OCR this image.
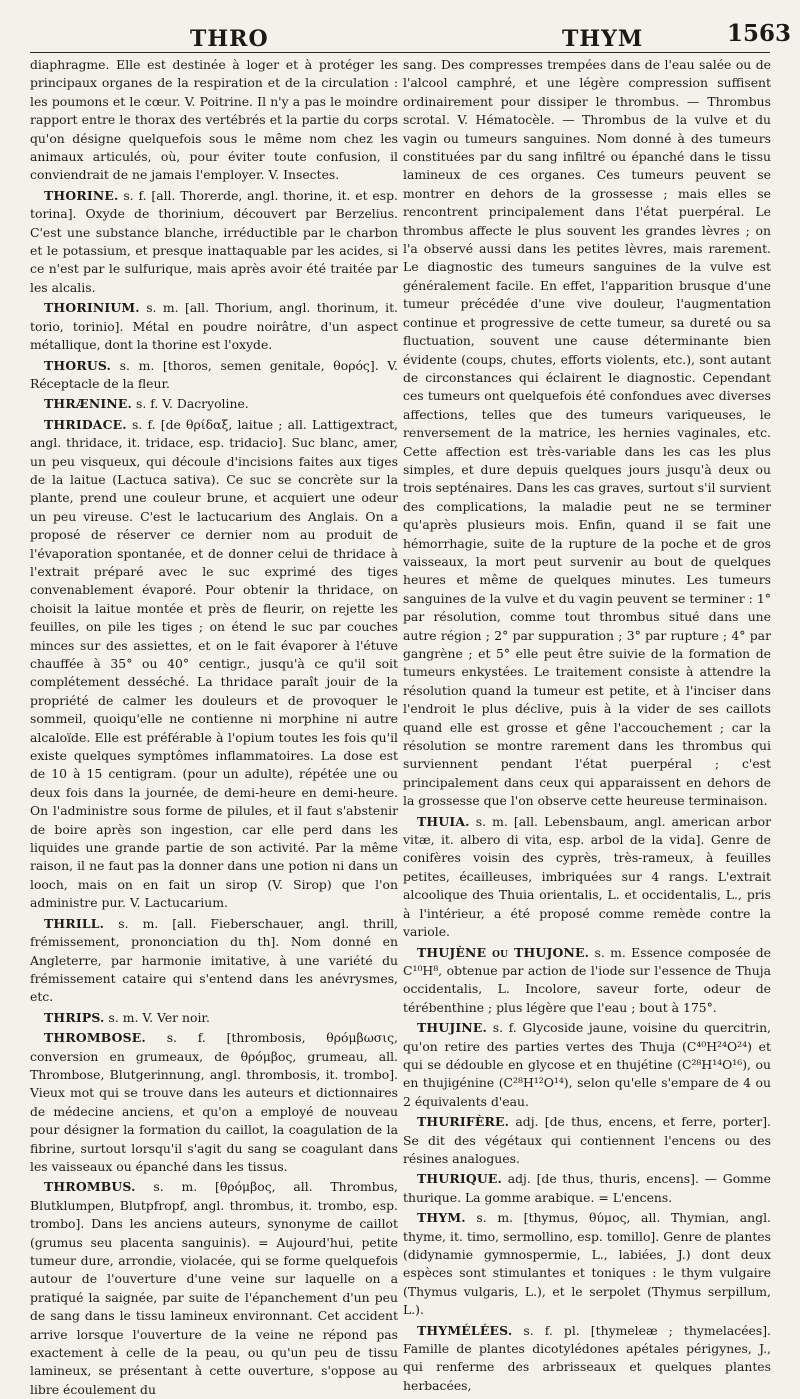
THRO	THYM	1563

diaphragme. Elle est destinée à loger et à protéger les principaux organes de la respiration et de la circulation : les poumons et le cœur. V. Poitrine. Il n'y a pas le moindre rapport entre le thorax des vertébrés et la partie du corps qu'on désigne quelquefois sous le même nom chez les animaux articulés, où, pour éviter toute confusion, il conviendrait de ne jamais l'employer. V. Insectes.

THORINE. s. f. [all. Thorerde, angl. thorine, it. et esp. torina]. Oxyde de thorinium, découvert par Berzelius. C'est une substance blanche, irréductible par le charbon et le potassium, et presque inattaquable par les acides, si ce n'est par le sulfurique, mais après avoir été traitée par les alcalis.

THORINIUM. s. m. [all. Thorium, angl. thorinum, it. torio, torinio]. Métal en poudre noirâtre, d'un aspect métallique, dont la thorine est l'oxyde.

THORUS. s. m. [thoros, semen genitale, θορός]. V. Réceptacle de la fleur.

THRÆNINE. s. f. V. Dacryoline.

THRIDACE. s. f. [de θρίδαξ, laitue ; all. Lattigextract, angl. thridace, it. tridace, esp. tridacio]. Suc blanc, amer, un peu visqueux, qui découle d'incisions faites aux tiges de la laitue (Lactuca sativa). Ce suc se concrète sur la plante, prend une couleur brune, et acquiert une odeur un peu vireuse. C'est le lactucarium des Anglais. On a proposé de réserver ce dernier nom au produit de l'évaporation spontanée, et de donner celui de thridace à l'extrait préparé avec le suc exprimé des tiges convenablement évaporé. Pour obtenir la thridace, on choisit la laitue montée et près de fleurir, on rejette les feuilles, on pile les tiges ; on étend le suc par couches minces sur des assiettes, et on le fait évaporer à l'étuve chauffée à 35° ou 40° centigr., jusqu'à ce qu'il soit complétement desséché. La thridace paraît jouir de la propriété de calmer les douleurs et de provoquer le sommeil, quoiqu'elle ne contienne ni morphine ni autre alcaloïde. Elle est préférable à l'opium toutes les fois qu'il existe quelques symptômes inflammatoires. La dose est de 10 à 15 centigram. (pour un adulte), répétée une ou deux fois dans la journée, de demi-heure en demi-heure. On l'administre sous forme de pilules, et il faut s'abstenir de boire après son ingestion, car elle perd dans les liquides une grande partie de son activité. Par la même raison, il ne faut pas la donner dans une potion ni dans un looch, mais on en fait un sirop (V. Sirop) que l'on administre pur. V. Lactucarium.

THRILL. s. m. [all. Fieberschauer, angl. thrill, frémissement, prononciation du th]. Nom donné en Angleterre, par harmonie imitative, à une variété du frémissement cataire qui s'entend dans les anévrysmes, etc.

THRIPS. s. m. V. Ver noir.

THROMBOSE. s. f. [thrombosis, θρόμβωσις, conversion en grumeaux, de θρόμβος, grumeau, all. Thrombose, Blutgerinnung, angl. thrombosis, it. trombo]. Vieux mot qui se trouve dans les auteurs et dictionnaires de médecine anciens, et qu'on a employé de nouveau pour désigner la formation du caillot, la coagulation de la fibrine, surtout lorsqu'il s'agit du sang se coagulant dans les vaisseaux ou épanché dans les tissus.

THROMBUS. s. m. [θρόμβος, all. Thrombus, Blutklumpen, Blutpfropf, angl. thrombus, it. trombo, esp. trombo]. Dans les anciens auteurs, synonyme de caillot (grumus seu placenta sanguinis). = Aujourd'hui, petite tumeur dure, arrondie, violacée, qui se forme quelquefois autour de l'ouverture d'une veine sur laquelle on a pratiqué la saignée, par suite de l'épanchement d'un peu de sang dans le tissu lamineux environnant. Cet accident arrive lorsque l'ouverture de la veine ne répond pas exactement à celle de la peau, ou qu'un peu de tissu lamineux, se présentant à cette ouverture, s'oppose au libre écoulement du

sang. Des compresses trempées dans de l'eau salée ou de l'alcool camphré, et une légère compression suffisent ordinairement pour dissiper le thrombus. — Thrombus scrotal. V. Hématocèle. — Thrombus de la vulve et du vagin ou tumeurs sanguines. Nom donné à des tumeurs constituées par du sang infiltré ou épanché dans le tissu lamineux de ces organes. Ces tumeurs peuvent se montrer en dehors de la grossesse ; mais elles se rencontrent principalement dans l'état puerpéral. Le thrombus affecte le plus souvent les grandes lèvres ; on l'a observé aussi dans les petites lèvres, mais rarement. Le diagnostic des tumeurs sanguines de la vulve est généralement facile. En effet, l'apparition brusque d'une tumeur précédée d'une vive douleur, l'augmentation continue et progressive de cette tumeur, sa dureté ou sa fluctuation, souvent une cause déterminante bien évidente (coups, chutes, efforts violents, etc.), sont autant de circonstances qui éclairent le diagnostic. Cependant ces tumeurs ont quelquefois été confondues avec diverses affections, telles que des tumeurs variqueuses, le renversement de la matrice, les hernies vaginales, etc. Cette affection est très-variable dans les cas les plus simples, et dure depuis quelques jours jusqu'à deux ou trois septénaires. Dans les cas graves, surtout s'il survient des complications, la maladie peut ne se terminer qu'après plusieurs mois. Enfin, quand il se fait une hémorrhagie, suite de la rupture de la poche et de gros vaisseaux, la mort peut survenir au bout de quelques heures et même de quelques minutes. Les tumeurs sanguines de la vulve et du vagin peuvent se terminer : 1° par résolution, comme tout thrombus situé dans une autre région ; 2° par suppuration ; 3° par rupture ; 4° par gangrène ; et 5° elle peut être suivie de la formation de tumeurs enkystées. Le traitement consiste à attendre la résolution quand la tumeur est petite, et à l'inciser dans l'endroit le plus déclive, puis à la vider de ses caillots quand elle est grosse et gêne l'accouchement ; car la résolution se montre rarement dans les thrombus qui surviennent pendant l'état puerpéral ; c'est principalement dans ceux qui apparaissent en dehors de la grossesse que l'on observe cette heureuse terminaison.

THUIA. s. m. [all. Lebensbaum, angl. american arbor vitæ, it. albero di vita, esp. arbol de la vida]. Genre de conifères voisin des cyprès, très-rameux, à feuilles petites, écailleuses, imbriquées sur 4 rangs. L'extrait alcoolique des Thuia orientalis, L. et occidentalis, L., pris à l'intérieur, a été proposé comme remède contre la variole.

THUJÈNE ou THUJONE. s. m. Essence composée de C¹⁰H⁸, obtenue par action de l'iode sur l'essence de Thuja occidentalis, L. Incolore, saveur forte, odeur de térébenthine ; plus légère que l'eau ; bout à 175°.

THUJINE. s. f. Glycoside jaune, voisine du quercitrin, qu'on retire des parties vertes des Thuja (C⁴⁰H²⁴O²⁴) et qui se dédouble en glycose et en thujétine (C²⁸H¹⁴O¹⁶), ou en thujigénine (C²⁸H¹²O¹⁴), selon qu'elle s'empare de 4 ou 2 équivalents d'eau.

THURIFÈRE. adj. [de thus, encens, et ferre, porter]. Se dit des végétaux qui contiennent l'encens ou des résines analogues.

THURIQUE. adj. [de thus, thuris, encens]. — Gomme thurique. La gomme arabique. = L'encens.

THYM. s. m. [thymus, θύμος, all. Thymian, angl. thyme, it. timo, sermollino, esp. tomillo]. Genre de plantes (didynamie gymnospermie, L., labiées, J.) dont deux espèces sont stimulantes et toniques : le thym vulgaire (Thymus vulgaris, L.), et le serpolet (Thymus serpillum, L.).

THYMÉLÉES. s. f. pl. [thymeleæ ; thymelacées]. Famille de plantes dicotylédones apétales périgynes, J., qui renferme des arbrisseaux et quelques plantes herbacées,
